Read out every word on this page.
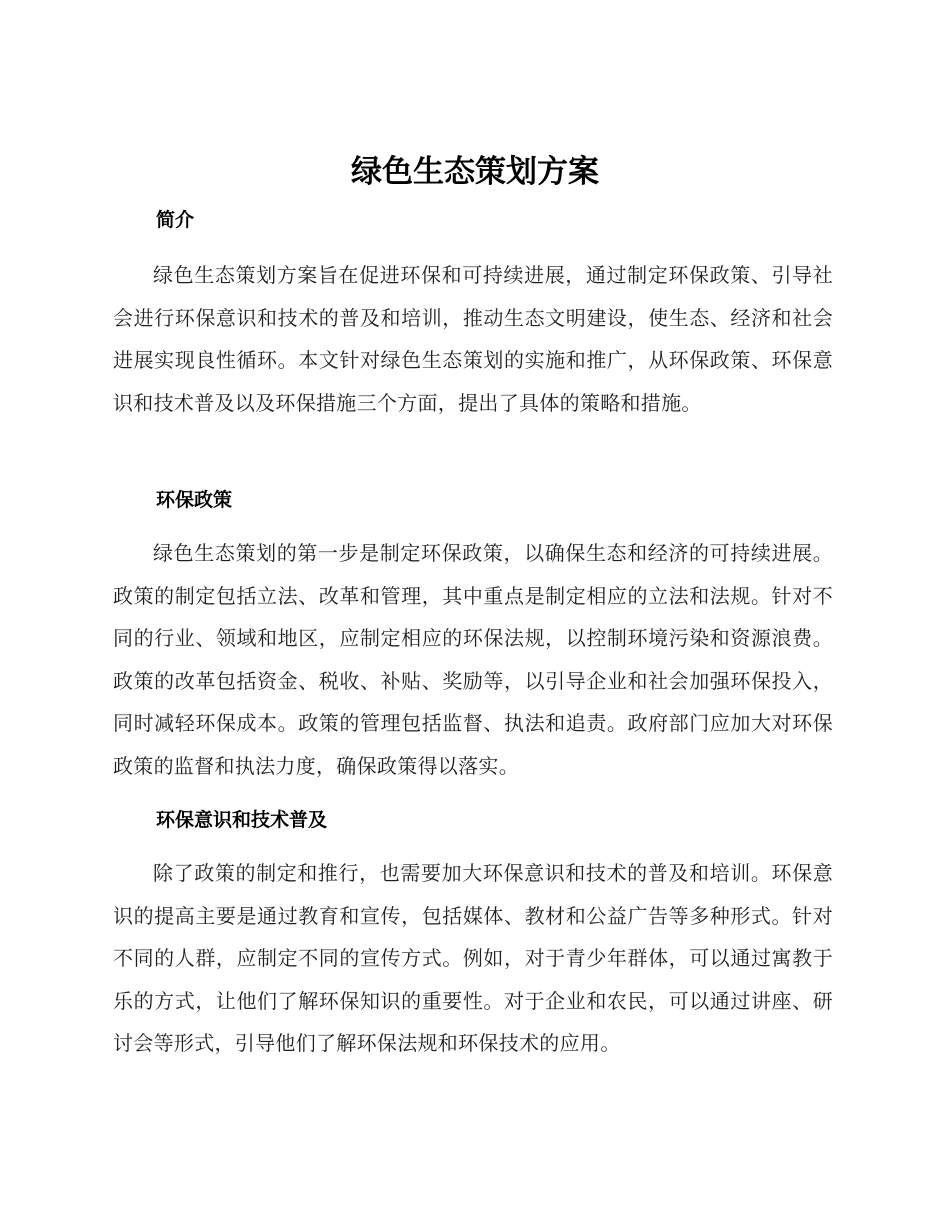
绿色生态策划方案
简介

绿色生态策划方案旨在促进环保和可持续进展，通过制定环保政策、引导社会进行环保意识和技术的普及和培训，推动生态文明建设，使生态、经济和社会进展实现良性循环。本文针对绿色生态策划的实施和推广，从环保政策、环保意识和技术普及以及环保措施三个方面，提出了具体的策略和措施。

环保政策

绿色生态策划的第一步是制定环保政策，以确保生态和经济的可持续进展。政策的制定包括立法、改革和管理，其中重点是制定相应的立法和法规。针对不同的行业、领域和地区，应制定相应的环保法规，以控制环境污染和资源浪费。政策的改革包括资金、税收、补贴、奖励等，以引导企业和社会加强环保投入，同时减轻环保成本。政策的管理包括监督、执法和追责。政府部门应加大对环保政策的监督和执法力度，确保政策得以落实。

环保意识和技术普及

除了政策的制定和推行，也需要加大环保意识和技术的普及和培训。环保意识的提高主要是通过教育和宣传，包括媒体、教材和公益广告等多种形式。针对不同的人群，应制定不同的宣传方式。例如，对于青少年群体，可以通过寓教于乐的方式，让他们了解环保知识的重要性。对于企业和农民，可以通过讲座、研讨会等形式，引导他们了解环保法规和环保技术的应用。
